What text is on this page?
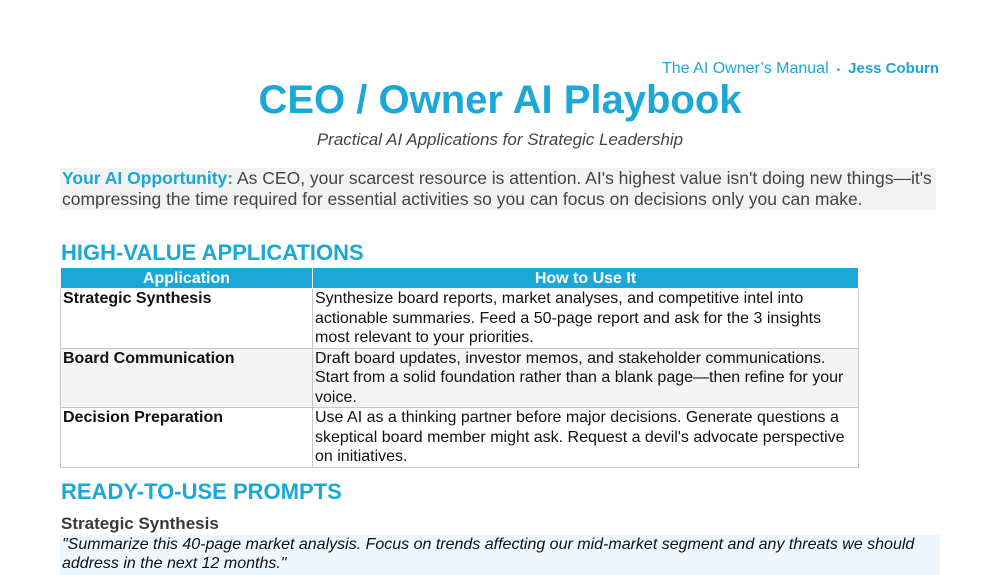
The AI Owner’s Manual • Jess Coburn
CEO / Owner AI Playbook
Practical AI Applications for Strategic Leadership
Your AI Opportunity: As CEO, your scarcest resource is attention. AI's highest value isn't doing new things—it's compressing the time required for essential activities so you can focus on decisions only you can make.
HIGH-VALUE APPLICATIONS
Application	How to Use It
Strategic Synthesis	Synthesize board reports, market analyses, and competitive intel into actionable summaries. Feed a 50-page report and ask for the 3 insights most relevant to your priorities.
Board Communication	Draft board updates, investor memos, and stakeholder communications. Start from a solid foundation rather than a blank page—then refine for your voice.
Decision Preparation	Use AI as a thinking partner before major decisions. Generate questions a skeptical board member might ask. Request a devil's advocate perspective on initiatives.
READY-TO-USE PROMPTS
Strategic Synthesis
"Summarize this 40-page market analysis. Focus on trends affecting our mid-market segment and any threats we should address in the next 12 months."
